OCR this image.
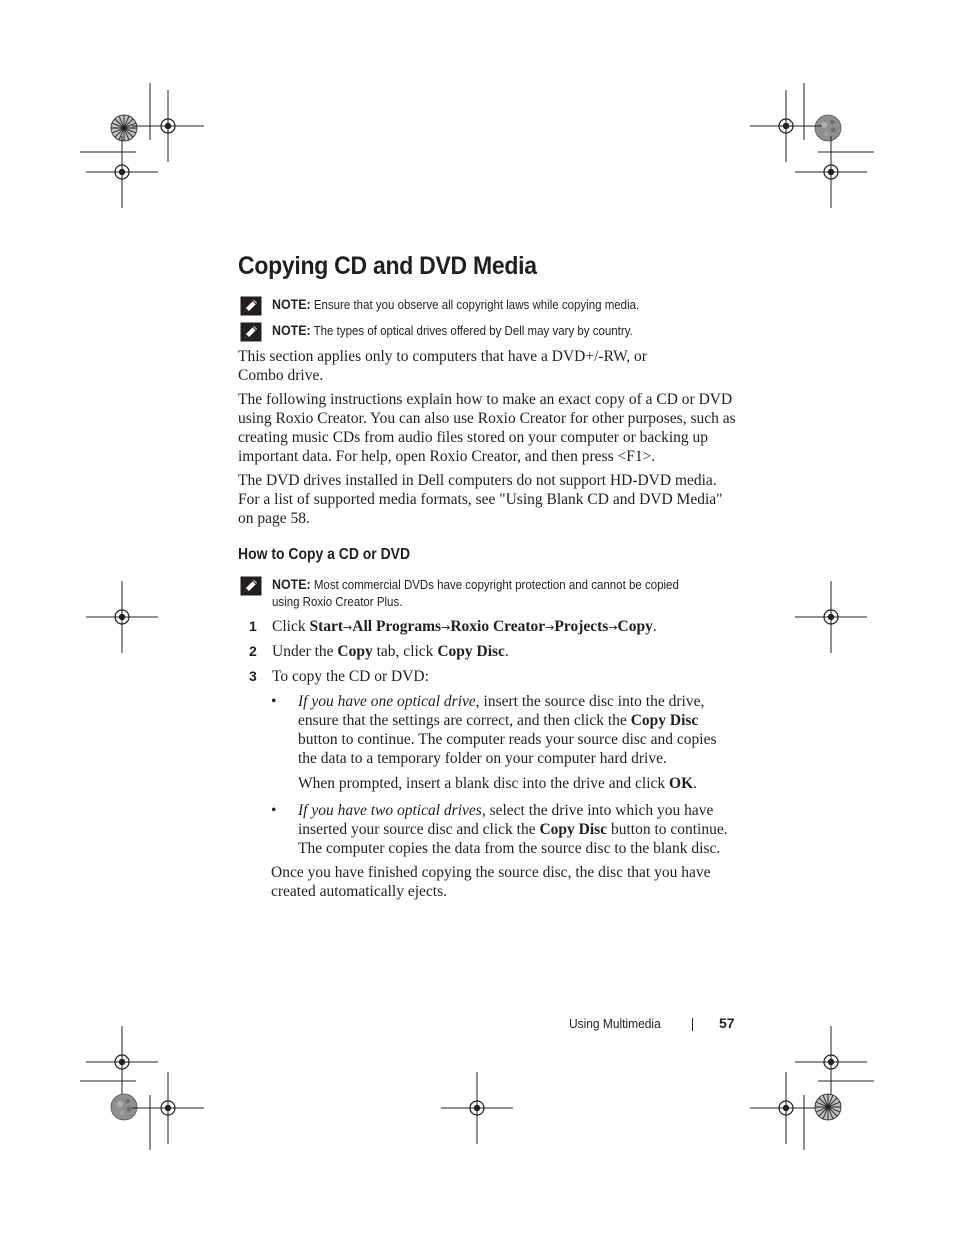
Copying CD and DVD Media
NOTE: Ensure that you observe all copyright laws while copying media.
NOTE: The types of optical drives offered by Dell may vary by country.
This section applies only to computers that have a DVD+/-RW, or
Combo drive.
The following instructions explain how to make an exact copy of a CD or DVD
using Roxio Creator. You can also use Roxio Creator for other purposes, such as
creating music CDs from audio files stored on your computer or backing up
important data. For help, open Roxio Creator, and then press <F1>.
The DVD drives installed in Dell computers do not support HD-DVD media.
For a list of supported media formats, see "Using Blank CD and DVD Media"
on page 58.
How to Copy a CD or DVD
NOTE: Most commercial DVDs have copyright protection and cannot be copied
using Roxio Creator Plus.
1 Click Start→All Programs→Roxio Creator→Projects→Copy.
2 Under the Copy tab, click Copy Disc.
3 To copy the CD or DVD:
• If you have one optical drive, insert the source disc into the drive,
ensure that the settings are correct, and then click the Copy Disc
button to continue. The computer reads your source disc and copies
the data to a temporary folder on your computer hard drive.
When prompted, insert a blank disc into the drive and click OK.
• If you have two optical drives, select the drive into which you have
inserted your source disc and click the Copy Disc button to continue.
The computer copies the data from the source disc to the blank disc.
Once you have finished copying the source disc, the disc that you have
created automatically ejects.
Using Multimedia	57
